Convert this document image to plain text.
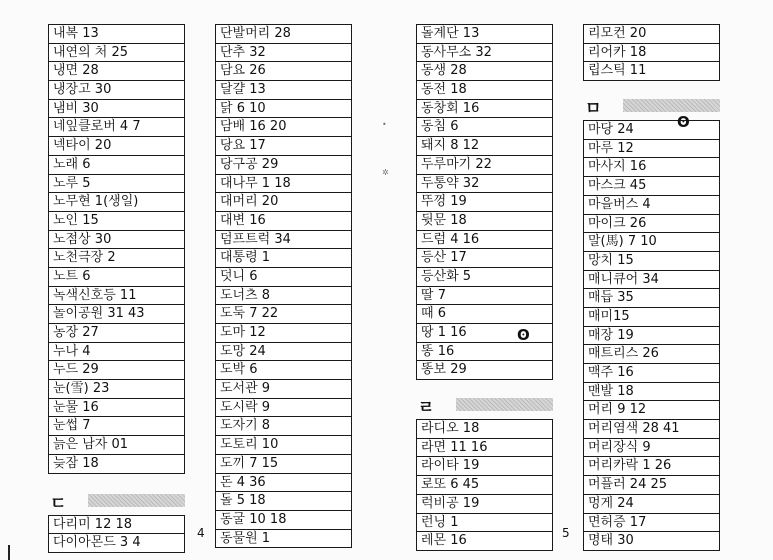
내복 13
내연의 처 25
냉면 28
냉장고 30
냄비 30
네잎클로버 4 7
넥타이 20
노래 6
노루 5
노무현 1(생일)
노인 15
노점상 30
노천극장 2
노트 6
녹색신호등 11
놀이공원 31 43
농장 27
누나 4
누드 29
눈(雪) 23
눈물 16
눈썹 7
늙은 남자 01
늦잠 18
ㄷ
다리미 12 18
다이아몬드 3 4
단발머리 28
단추 32
담요 26
달걀 13
닭 6 10
담배 16 20
당요 17
당구공 29
대나무 1 18
대머리 20
대변 16
덤프트럭 34
대통령 1
덧니 6
도너츠 8
도둑 7 22
도마 12
도망 24
도박 6
도서관 9
도시락 9
도자기 8
도토리 10
도끼 7 15
돈 4 36
돌 5 18
동굴 10 18
동물원 1
돌계단 13
동사무소 32
동생 28
동전 18
동창회 16
동침 6
돼지 8 12
두루마기 22
두통약 32
뚜껑 19
뒷문 18
드럼 4 16
등산 17
등산화 5
딸 7
때 6
땅 1 16
똥 16
똥보 29
ㄹ
라디오 18
라면 11 16
라이타 19
로또 6 45
럭비공 19
런닝 1
레몬 16
리모컨 20
리어카 18
립스틱 11
ㅁ
마당 24
마루 12
마사지 16
마스크 45
마을버스 4
마이크 26
말(馬) 7 10
망치 15
매니큐어 34
매듭 35
매미15
매장 19
매트리스 26
맥주 16
맨발 18
머리 9 12
머리염색 28 41
머리장식 9
머리카락 1 26
머플러 24 25
멍게 24
면허증 17
명태 30
ʘ
ʘ
•
✲
4	5
